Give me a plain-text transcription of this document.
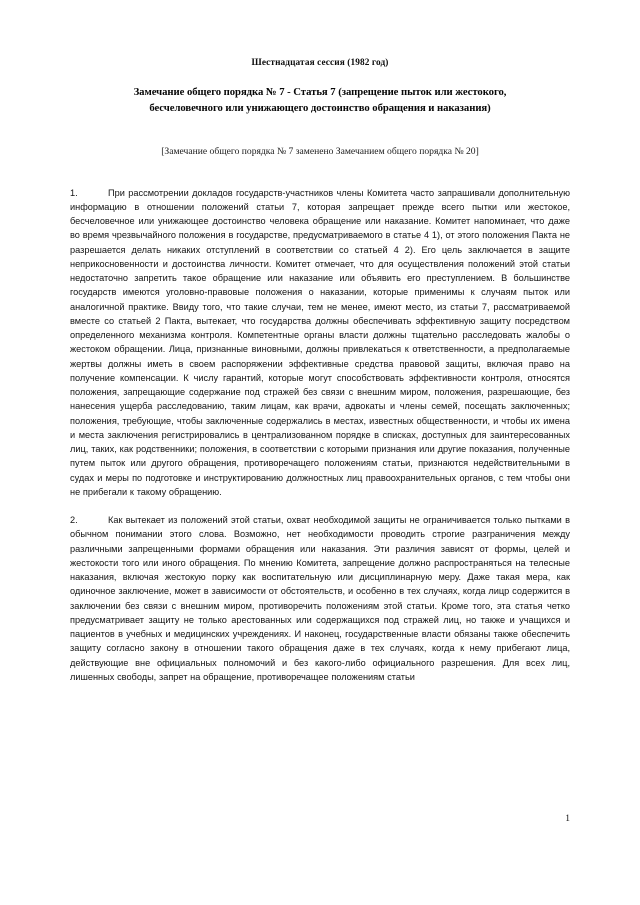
Шестнадцатая сессия (1982 год)

Замечание общего порядка № 7 - Статья 7 (запрещение пыток или жестокого,
бесчеловечного или унижающего достоинство обращения и наказания)

[Замечание общего порядка № 7 заменено Замечанием общего порядка № 20]

1.	При рассмотрении докладов государств-участников члены Комитета часто запрашивали дополнительную информацию в отношении положений статьи 7, которая запрещает прежде всего пытки или жестокое, бесчеловечное или унижающее достоинство человека обращение или наказание. Комитет напоминает, что даже во время чрезвычайного положения в государстве, предусматриваемого в статье 4 1), от этого положения Пакта не разрешается делать никаких отступлений в соответствии со статьей 4 2). Его цель заключается в защите неприкосновенности и достоинства личности. Комитет отмечает, что для осуществления положений этой статьи недостаточно запретить такое обращение или наказание или объявить его преступлением. В большинстве государств имеются уголовно-правовые положения о наказании, которые применимы к случаям пыток или аналогичной практике. Ввиду того, что такие случаи, тем не менее, имеют место, из статьи 7, рассматриваемой вместе со статьей 2 Пакта, вытекает, что государства должны обеспечивать эффективную защиту посредством определенного механизма контроля. Компетентные органы власти должны тщательно расследовать жалобы о жестоком обращении. Лица, признанные виновными, должны привлекаться к ответственности, а предполагаемые жертвы должны иметь в своем распоряжении эффективные средства правовой защиты, включая право на получение компенсации. К числу гарантий, которые могут способствовать эффективности контроля, относятся положения, запрещающие содержание под стражей без связи с внешним миром, положения, разрешающие, без нанесения ущерба расследованию, таким лицам, как врачи, адвокаты и члены семей, посещать заключенных; положения, требующие, чтобы заключенные содержались в местах, известных общественности, и чтобы их имена и места заключения регистрировались в централизованном порядке в списках, доступных для заинтересованных лиц, таких, как родственники; положения, в соответствии с которыми признания или другие показания, полученные путем пыток или другого обращения, противоречащего положениям статьи, признаются недействительными в судах и меры по подготовке и инструктированию должностных лиц правоохранительных органов, с тем чтобы они не прибегали к такому обращению.

2.	Как вытекает из положений этой статьи, охват необходимой защиты не ограничивается только пытками в обычном понимании этого слова. Возможно, нет необходимости проводить строгие разграничения между различными запрещенными формами обращения или наказания. Эти различия зависят от формы, целей и жестокости того или иного обращения. По мнению Комитета, запрещение должно распространяться на телесные наказания, включая жестокую порку как воспитательную или дисциплинарную меру. Даже такая мера, как одиночное заключение, может в зависимости от обстоятельств, и особенно в тех случаях, когда лицр содержится в заключении без связи с внешним миром, противоречить положениям этой статьи. Кроме того, эта статья четко предусматривает защиту не только арестованных или содержащихся под стражей лиц, но также и учащихся и пациентов в учебных и медицинских учреждениях. И наконец, государственные власти обязаны также обеспечить защиту согласно закону в отношении такого обращения даже в тех случаях, когда к нему прибегают лица, действующие вне официальных полномочий и без какого-либо официального разрешения. Для всех лиц, лишенных свободы, запрет на обращение, противоречащее положениям статьи

1
